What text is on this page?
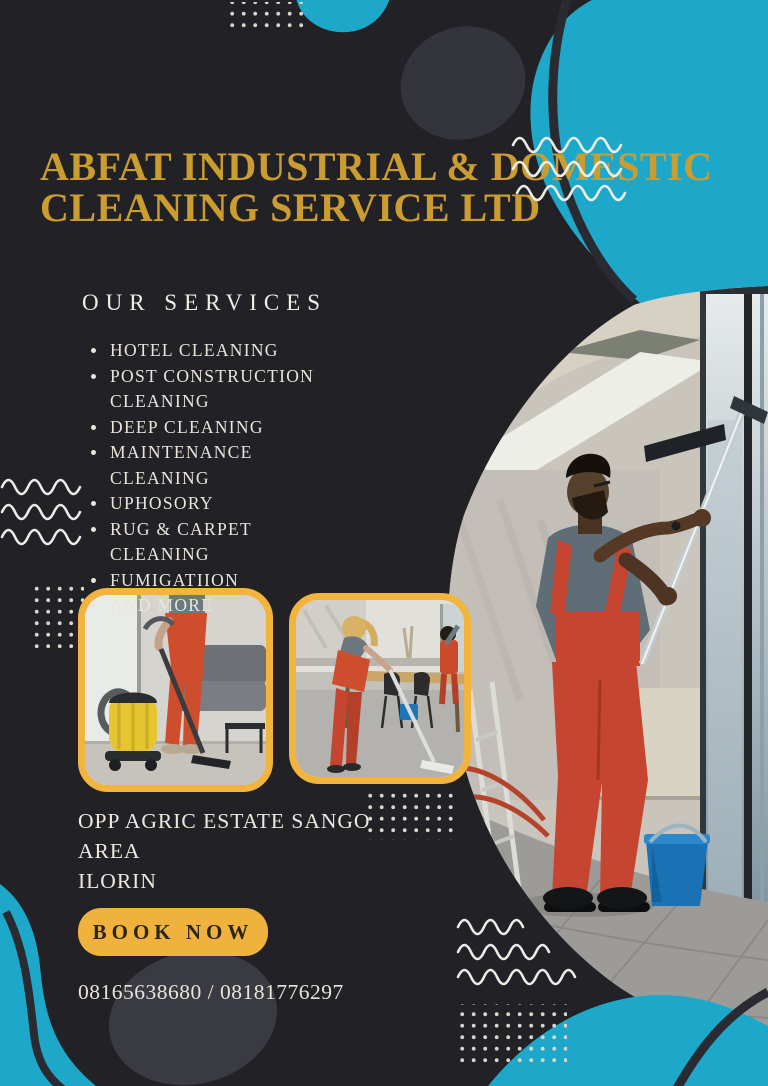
ABFAT INDUSTRIAL & DOMESTIC
CLEANING SERVICE LTD
OUR SERVICES
HOTEL CLEANING
POST CONSTRUCTION CLEANING
DEEP CLEANING
MAINTENANCE CLEANING
UPHOSORY
RUG & CARPET CLEANING
FUMIGATIION
AND MORE
OPP AGRIC ESTATE SANGO AREA
ILORIN
BOOK NOW
08165638680 / 08181776297
